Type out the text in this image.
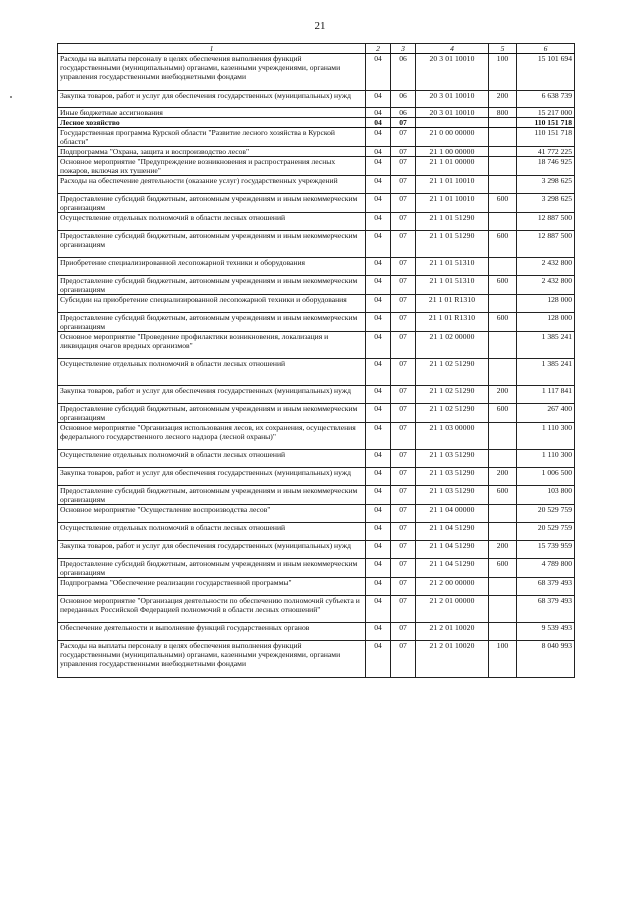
21
1	2	3	4	5	6
Расходы на выплаты персоналу в целях обеспечения выполнения функций государственными (муниципальными) органами, казенными учреждениями, органами управления государственными внебюджетными фондами	04	06	20 3 01 10010	100	15 101 694
Закупка товаров, работ и услуг для обеспечения государственных (муниципальных) нужд	04	06	20 3 01 10010	200	6 638 739
Иные бюджетные ассигнования	04	06	20 3 01 10010	800	15 217 000
Лесное хозяйство	04	07			110 151 718
Государственная программа Курской области "Развитие лесного хозяйства в Курской области"	04	07	21 0 00 00000		110 151 718
Подпрограмма "Охрана, защита и воспроизводство лесов"	04	07	21 1 00 00000		41 772 225
Основное мероприятие "Предупреждение возникновения и распространения лесных пожаров, включая их тушение"	04	07	21 1 01 00000		18 746 925
Расходы на обеспечение деятельности (оказание услуг) государственных учреждений	04	07	21 1 01 10010		3 298 625
Предоставление субсидий бюджетным, автономным учреждениям и иным некоммерческим организациям	04	07	21 1 01 10010	600	3 298 625
Осуществление отдельных полномочий в области лесных отношений	04	07	21 1 01 51290		12 887 500
Предоставление субсидий бюджетным, автономным учреждениям и иным некоммерческим организациям	04	07	21 1 01 51290	600	12 887 500
Приобретение специализированной лесопожарной техники и оборудования	04	07	21 1 01 51310		2 432 800
Предоставление субсидий бюджетным, автономным учреждениям и иным некоммерческим организациям	04	07	21 1 01 51310	600	2 432 800
Субсидии на приобретение специализированной лесопожарной техники и оборудования	04	07	21 1 01 R1310		128 000
Предоставление субсидий бюджетным, автономным учреждениям и иным некоммерческим организациям	04	07	21 1 01 R1310	600	128 000
Основное мероприятие "Проведение профилактики возникновения, локализация и ликвидация очагов вредных организмов"	04	07	21 1 02 00000		1 385 241
Осуществление отдельных полномочий в области лесных отношений	04	07	21 1 02 51290		1 385 241
Закупка товаров, работ и услуг для обеспечения государственных (муниципальных) нужд	04	07	21 1 02 51290	200	1 117 841
Предоставление субсидий бюджетным, автономным учреждениям и иным некоммерческим организациям	04	07	21 1 02 51290	600	267 400
Основное мероприятие "Организация использования лесов, их сохранения, осуществления федерального государственного лесного надзора (лесной охраны)"	04	07	21 1 03 00000		1 110 300
Осуществление отдельных полномочий в области лесных отношений	04	07	21 1 03 51290		1 110 300
Закупка товаров, работ и услуг для обеспечения государственных (муниципальных) нужд	04	07	21 1 03 51290	200	1 006 500
Предоставление субсидий бюджетным, автономным учреждениям и иным некоммерческим организациям	04	07	21 1 03 51290	600	103 800
Основное мероприятие "Осуществление воспроизводства лесов"	04	07	21 1 04 00000		20 529 759
Осуществление отдельных полномочий в области лесных отношений	04	07	21 1 04 51290		20 529 759
Закупка товаров, работ и услуг для обеспечения государственных (муниципальных) нужд	04	07	21 1 04 51290	200	15 739 959
Предоставление субсидий бюджетным, автономным учреждениям и иным некоммерческим организациям	04	07	21 1 04 51290	600	4 789 800
Подпрограмма "Обеспечение реализации государственной программы"	04	07	21 2 00 00000		68 379 493
Основное мероприятие "Организация деятельности по обеспечению полномочий субъекта и переданных Российской Федерацией полномочий в области лесных отношений"	04	07	21 2 01 00000		68 379 493
Обеспечение деятельности и выполнение функций государственных органов	04	07	21 2 01 10020		9 539 493
Расходы на выплаты персоналу в целях обеспечения выполнения функций государственными (муниципальными) органами, казенными учреждениями, органами управления государственными внебюджетными фондами	04	07	21 2 01 10020	100	8 040 993
